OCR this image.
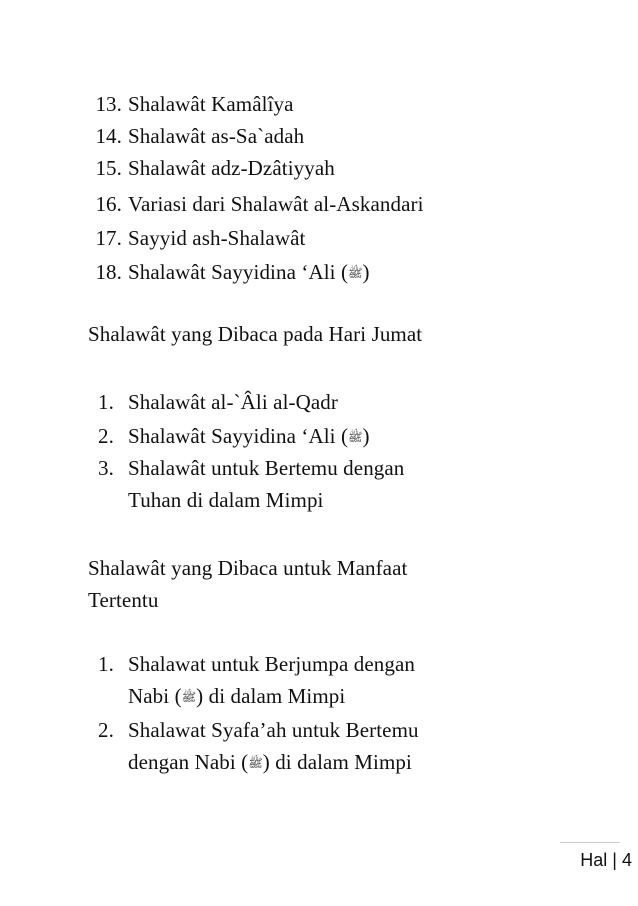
13. Shalawât Kamâlîya
14. Shalawât as-Sa`adah
15. Shalawât adz-Dzâtiyyah
16. Variasi dari Shalawât al-Askandari
17. Sayyid ash-Shalawât
18. Shalawât Sayyidina ‘Ali (ﷺ)
Shalawât yang Dibaca pada Hari Jumat
1. Shalawât al-`Âli al-Qadr
2. Shalawât Sayyidina ‘Ali (ﷺ)
3. Shalawât untuk Bertemu dengan
Tuhan di dalam Mimpi
Shalawât yang Dibaca untuk Manfaat
Tertentu
1. Shalawat untuk Berjumpa dengan
Nabi (ﷺ) di dalam Mimpi
2. Shalawat Syafa’ah untuk Bertemu
dengan Nabi (ﷺ) di dalam Mimpi
Hal | 4
